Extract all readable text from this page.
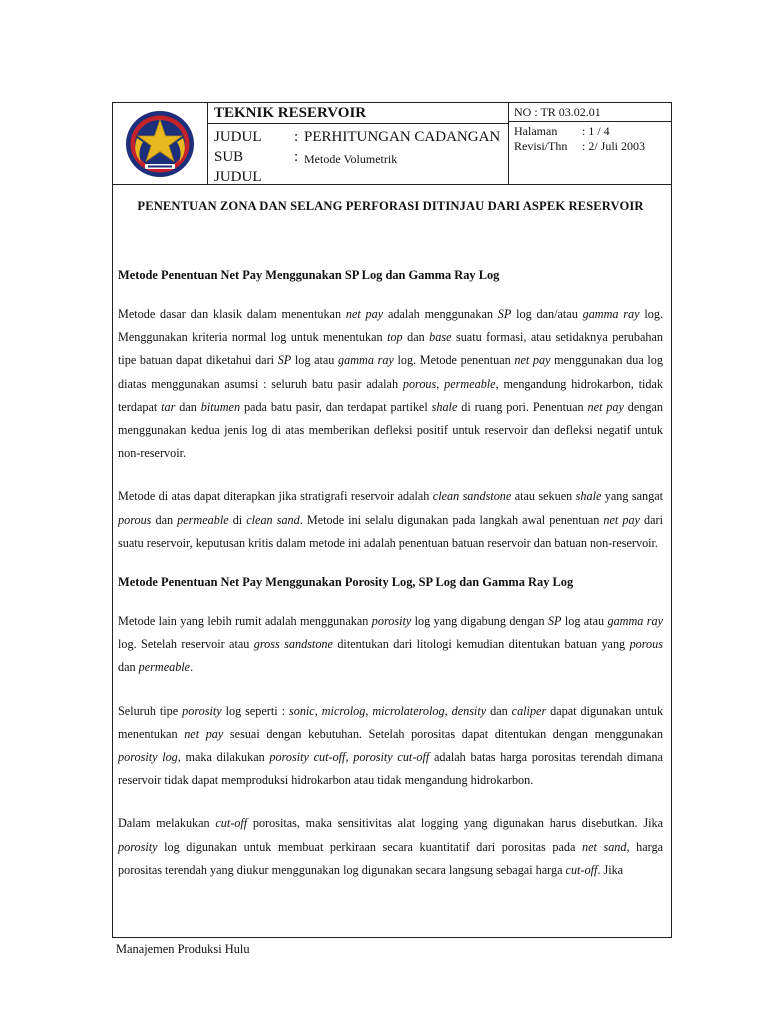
TEKNIK RESERVOIR
JUDUL	: PERHITUNGAN CADANGAN
SUB JUDUL
: Metode Volumetrik
NO : TR 03.02.01
Halaman	: 1 / 4
Revisi/Thn	: 2/ Juli 2003
PENENTUAN ZONA DAN SELANG PERFORASI DITINJAU DARI ASPEK RESERVOIR
Metode Penentuan Net Pay Menggunakan SP Log dan Gamma Ray Log

Metode dasar dan klasik dalam menentukan net pay adalah menggunakan SP log dan/atau gamma ray log. Menggunakan kriteria normal log untuk menentukan top dan base suatu formasi, atau setidaknya perubahan tipe batuan dapat diketahui dari SP log atau gamma ray log. Metode penentuan net pay menggunakan dua log diatas menggunakan asumsi : seluruh batu pasir adalah porous, permeable, mengandung hidrokarbon, tidak terdapat tar dan bitumen pada batu pasir, dan terdapat partikel shale di ruang pori. Penentuan net pay dengan menggunakan kedua jenis log di atas memberikan defleksi positif untuk reservoir dan defleksi negatif untuk non-reservoir.

Metode di atas dapat diterapkan jika stratigrafi reservoir adalah clean sandstone atau sekuen shale yang sangat porous dan permeable di clean sand. Metode ini selalu digunakan pada langkah awal penentuan net pay dari suatu reservoir, keputusan kritis dalam metode ini adalah penentuan batuan reservoir dan batuan non-reservoir.

Metode Penentuan Net Pay Menggunakan Porosity Log, SP Log dan Gamma Ray Log

Metode lain yang lebih rumit adalah menggunakan porosity log yang digabung dengan SP log atau gamma ray log. Setelah reservoir atau gross sandstone ditentukan dari litologi kemudian ditentukan batuan yang porous dan permeable.

Seluruh tipe porosity log seperti : sonic, microlog, microlaterolog, density dan caliper dapat digunakan untuk menentukan net pay sesuai dengan kebutuhan. Setelah porositas dapat ditentukan dengan menggunakan porosity log, maka dilakukan porosity cut-off, porosity cut-off adalah batas harga porositas terendah dimana reservoir tidak dapat memproduksi hidrokarbon atau tidak mengandung hidrokarbon.

Dalam melakukan cut-off porositas, maka sensitivitas alat logging yang digunakan harus disebutkan. Jika porosity log digunakan untuk membuat perkiraan secara kuantitatif dari porositas pada net sand, harga porositas terendah yang diukur menggunakan log digunakan secara langsung sebagai harga cut-off. Jika

Manajemen Produksi Hulu
